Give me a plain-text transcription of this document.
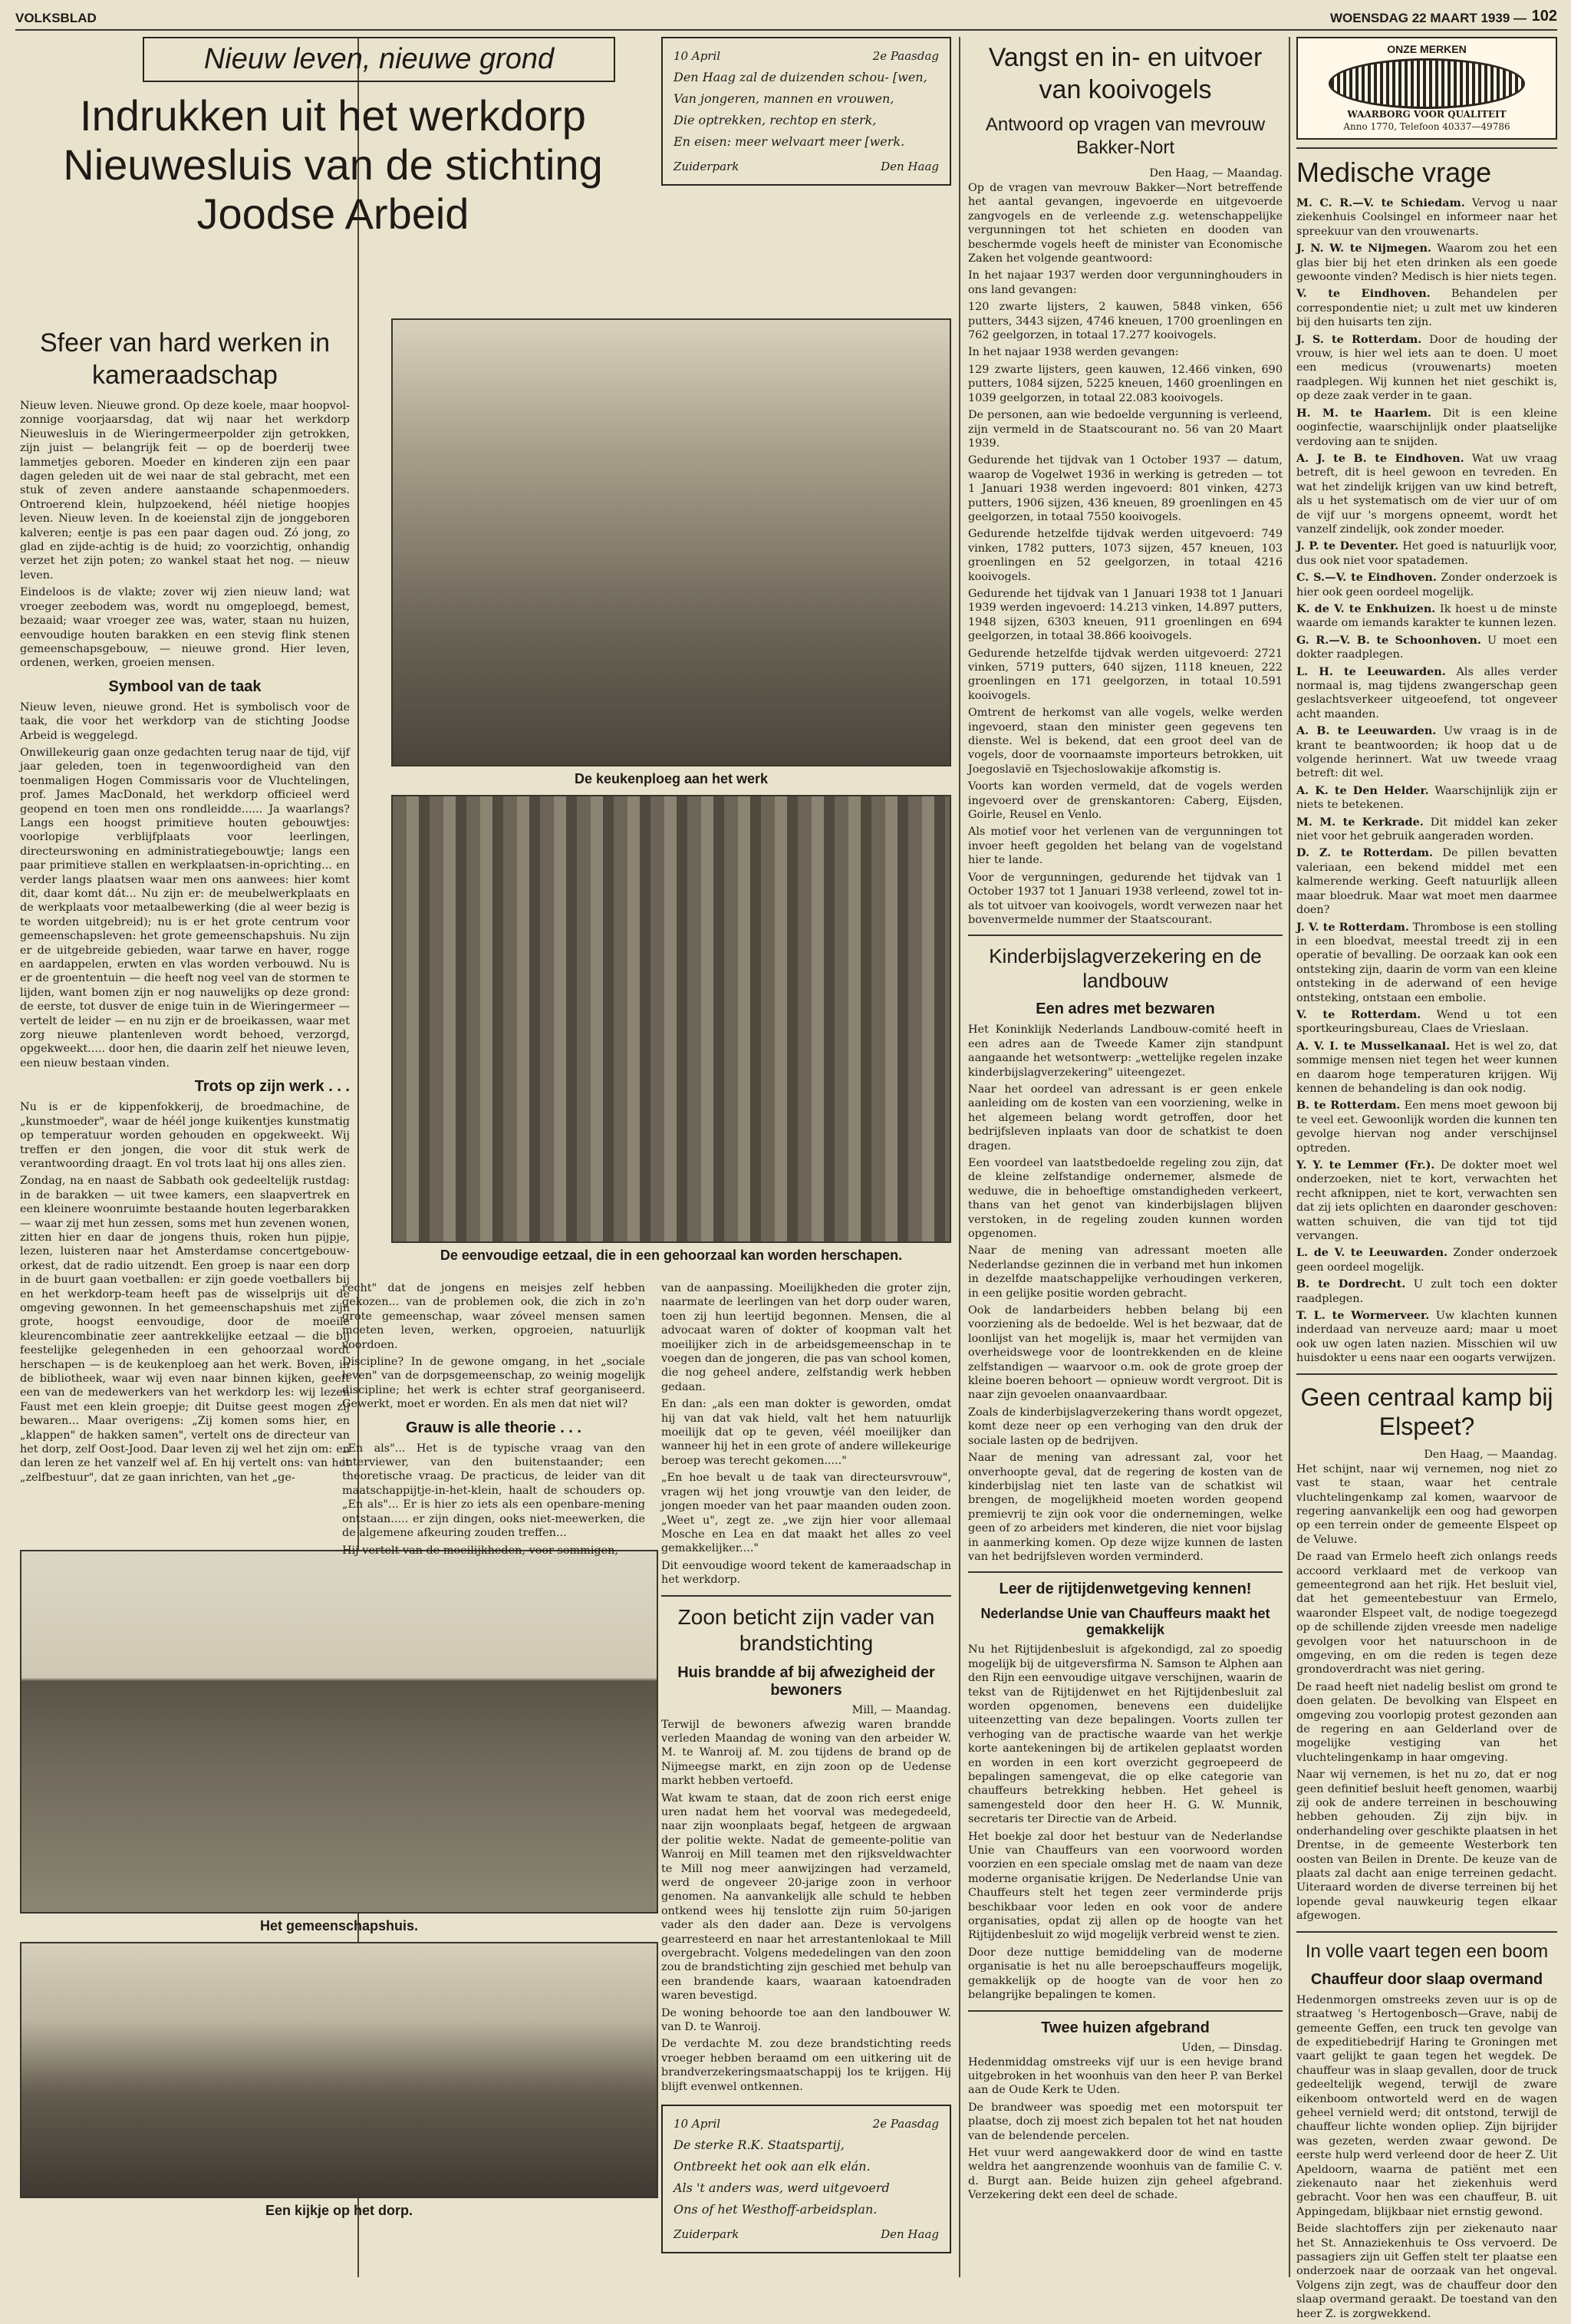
VOLKSBLAD	WOENSDAG 22 MAART 1939 — 102
Nieuw leven, nieuwe grond
Indrukken uit het werkdorp Nieuwesluis van de stichting Joodse Arbeid
Sfeer van hard werken in kameraadschap

Nieuw leven. Nieuwe grond. Op deze koele, maar hoopvol-zonnige voorjaarsdag, dat wij naar het werkdorp Nieuwesluis in de Wieringermeerpolder zijn getrokken, zijn juist — belangrijk feit — op de boerderij twee lammetjes geboren. Moeder en kinderen zijn een paar dagen geleden uit de wei naar de stal gebracht, met een stuk of zeven andere aanstaande schapenmoeders. Ontroerend klein, hulpzoekend, héél nietige hoopjes leven. Nieuw leven. In de koeienstal zijn de jonggeboren kalveren; eentje is pas een paar dagen oud. Zó jong, zo glad en zijde-achtig is de huid; zo voorzichtig, onhandig verzet het zijn poten; zo wankel staat het nog. — nieuw leven.

Eindeloos is de vlakte; zover wij zien nieuw land; wat vroeger zeebodem was, wordt nu omgeploegd, bemest, bezaaid; waar vroeger zee was, water, staan nu huizen, eenvoudige houten barakken en een stevig flink stenen gemeenschapsgebouw, — nieuwe grond. Hier leven, ordenen, werken, groeien mensen.

Symbool van de taak

Nieuw leven, nieuwe grond. Het is symbolisch voor de taak, die voor het werkdorp van de stichting Joodse Arbeid is weggelegd.

Onwillekeurig gaan onze gedachten terug naar de tijd, vijf jaar geleden, toen in tegenwoordigheid van den toenmaligen Hogen Commissaris voor de Vluchtelingen, prof. James MacDonald, het werkdorp officieel werd geopend en toen men ons rondleidde...... Ja waarlangs? Langs een hoogst primitieve houten gebouwtjes: voorlopige verblijfplaats voor leerlingen, directeurswoning en administratiegebouwtje; langs een paar primitieve stallen en werkplaatsen-in-oprichting... en verder langs plaatsen waar men ons aanwees: hier komt dit, daar komt dát... Nu zijn er: de meubelwerkplaats en de werkplaats voor metaalbewerking (die al weer bezig is te worden uitgebreid); nu is er het grote centrum voor gemeenschapsleven: het grote gemeenschapshuis. Nu zijn er de uitgebreide gebieden, waar tarwe en haver, rogge en aardappelen, erwten en vlas worden verbouwd. Nu is er de groententuin — die heeft nog veel van de stormen te lijden, want bomen zijn er nog nauwelijks op deze grond: de eerste, tot dusver de enige tuin in de Wieringermeer — vertelt de leider — en nu zijn er de broeikassen, waar met zorg nieuwe plantenleven wordt behoed, verzorgd, opgekweekt..... door hen, die daarin zelf het nieuwe leven, een nieuw bestaan vinden.

Trots op zijn werk . . .

Nu is er de kippenfokkerij, de broedmachine, de „kunstmoeder", waar de héél jonge kuikentjes kunstmatig op temperatuur worden gehouden en opgekweekt. Wij treffen er den jongen, die voor dit stuk werk de verantwoording draagt. En vol trots laat hij ons alles zien.

Zondag, na en naast de Sabbath ook gedeeltelijk rustdag: in de barakken — uit twee kamers, een slaapvertrek en een kleinere woonruimte bestaande houten legerbarakken — waar zij met hun zessen, soms met hun zevenen wonen, zitten hier en daar de jongens thuis, roken hun pijpje, lezen, luisteren naar het Amsterdamse concertgebouw-orkest, dat de radio uitzendt. Een groep is naar een dorp in de buurt gaan voetballen: er zijn goede voetballers bij en het werkdorp-team heeft pas de wisselprijs uit de omgeving gewonnen. In het gemeenschapshuis met zijn grote, hoogst eenvoudige, door de moeile kleurencombinatie zeer aantrekkelijke eetzaal — die bij feestelijke gelegenheden in een gehoorzaal wordt herschapen — is de keukenploeg aan het werk. Boven, in de bibliotheek, waar wij even naar binnen kijken, geeft een van de medewerkers van het werkdorp les: wij lezen Faust met een klein groepje; dit Duitse geest mogen zij bewaren... Maar overigens: „Zij komen soms hier, en „klappen" de hakken samen", vertelt ons de directeur van het dorp, zelf Oost-Jood. Daar leven zij wel het zijn om: en dan leren ze het vanzelf wel af. En hij vertelt ons: van het „zelfbestuur", dat ze gaan inrichten, van het „ge-

Het gemeenschapshuis.
Een kijkje op het dorp.
De keukenploeg aan het werk
De eenvoudige eetzaal, die in een gehoorzaal kan worden herschapen.

recht" dat de jongens en meisjes zelf hebben gekozen... van de problemen ook, die zich in zo'n grote gemeenschap, waar zóveel mensen samen moeten leven, werken, opgroeien, natuurlijk voordoen.

Discipline? In de gewone omgang, in het „sociale leven" van de dorpsgemeenschap, zo weinig mogelijk discipline; het werk is echter straf georganiseerd. Gewerkt, moet er worden. En als men dat niet wil?

Grauw is alle theorie . . .

„En als"... Het is de typische vraag van den interviewer, van den buitenstaander; een theoretische vraag. De practicus, de leider van dit maatschappijtje-in-het-klein, haalt de schouders op. „En als"... Er is hier zo iets als een openbare-mening ontstaan..... er zijn dingen, ooks niet-meewerken, die de algemene afkeuring zouden treffen...

Hij vertelt van de moeilijkheden, voor sommigen,

10 April	2e Paasdag

Den Haag zal de duizenden schou- [wen,

Van jongeren, mannen en vrouwen,

Die optrekken, rechtop en sterk,

En eisen: meer welvaart meer [werk.

Zuiderpark	Den Haag

van de aanpassing. Moeilijkheden die groter zijn, naarmate de leerlingen van het dorp ouder waren, toen zij hun leertijd begonnen. Mensen, die al advocaat waren of dokter of koopman valt het moeilijker zich in de arbeidsgemeenschap in te voegen dan de jongeren, die pas van school komen, die nog geheel andere, zelfstandig werk hebben gedaan.

En dan: „als een man dokter is geworden, omdat hij van dat vak hield, valt het hem natuurlijk moeilijk dat op te geven, véél moeilijker dan wanneer hij het in een grote of andere willekeurige beroep was terecht gekomen....."

„En hoe bevalt u de taak van directeursvrouw", vragen wij het jong vrouwtje van den leider, de jongen moeder van het paar maanden ouden zoon. „Weet u", zegt ze. „we zijn hier voor allemaal Mosche en Lea en dat maakt het alles zo veel gemakkelijker...."

Dit eenvoudige woord tekent de kameraadschap in het werkdorp.

Zoon beticht zijn vader van brandstichting
Huis brandde af bij afwezigheid der bewoners
Mill, — Maandag.

Terwijl de bewoners afwezig waren brandde verleden Maandag de woning van den arbeider W. M. te Wanroij af. M. zou tijdens de brand op de Nijmeegse markt, en zijn zoon op de Uedense markt hebben vertoefd.

Wat kwam te staan, dat de zoon rich eerst enige uren nadat hem het voorval was medegedeeld, naar zijn woonplaats begaf, hetgeen de argwaan der politie wekte. Nadat de gemeente-politie van Wanroij en Mill teamen met den rijksveldwachter te Mill nog meer aanwijzingen had verzameld, werd de ongeveer 20-jarige zoon in verhoor genomen. Na aanvankelijk alle schuld te hebben ontkend wees hij tenslotte zijn ruim 50-jarigen vader als den dader aan. Deze is vervolgens gearresteerd en naar het arrestantenlokaal te Mill overgebracht. Volgens mededelingen van den zoon zou de brandstichting zijn geschied met behulp van een brandende kaars, waaraan katoendraden waren bevestigd.

De woning behoorde toe aan den landbouwer W. van D. te Wanroij.

De verdachte M. zou deze brandstichting reeds vroeger hebben beraamd om een uitkering uit de brandverzekeringsmaatschappij los te krijgen. Hij blijft evenwel ontkennen.

10 April	2e Paasdag

De sterke R.K. Staatspartij,

Ontbreekt het ook aan elk elán.

Als 't anders was, werd uitgevoerd

Ons of het Westhoff-arbeidsplan.

Zuiderpark	Den Haag
Vangst en in- en uitvoer van kooivogels
Antwoord op vragen van mevrouw Bakker-Nort
Den Haag, — Maandag.

Op de vragen van mevrouw Bakker—Nort betreffende het aantal gevangen, ingevoerde en uitgevoerde zangvogels en de verleende z.g. wetenschappelijke vergunningen tot het schieten en dooden van beschermde vogels heeft de minister van Economische Zaken het volgende geantwoord:

In het najaar 1937 werden door vergunninghouders in ons land gevangen:

120 zwarte lijsters, 2 kauwen, 5848 vinken, 656 putters, 3443 sijzen, 4746 kneuen, 1700 groenlingen en 762 geelgorzen, in totaal 17.277 kooivogels.

In het najaar 1938 werden gevangen:

129 zwarte lijsters, geen kauwen, 12.466 vinken, 690 putters, 1084 sijzen, 5225 kneuen, 1460 groenlingen en 1039 geelgorzen, in totaal 22.083 kooivogels.

De personen, aan wie bedoelde vergunning is verleend, zijn vermeld in de Staatscourant no. 56 van 20 Maart 1939.

Gedurende het tijdvak van 1 October 1937 — datum, waarop de Vogelwet 1936 in werking is getreden — tot 1 Januari 1938 werden ingevoerd: 801 vinken, 4273 putters, 1906 sijzen, 436 kneuen, 89 groenlingen en 45 geelgorzen, in totaal 7550 kooivogels.

Gedurende hetzelfde tijdvak werden uitgevoerd: 749 vinken, 1782 putters, 1073 sijzen, 457 kneuen, 103 groenlingen en 52 geelgorzen, in totaal 4216 kooivogels.

Gedurende het tijdvak van 1 Januari 1938 tot 1 Januari 1939 werden ingevoerd: 14.213 vinken, 14.897 putters, 1948 sijzen, 6303 kneuen, 911 groenlingen en 694 geelgorzen, in totaal 38.866 kooivogels.

Gedurende hetzelfde tijdvak werden uitgevoerd: 2721 vinken, 5719 putters, 640 sijzen, 1118 kneuen, 222 groenlingen en 171 geelgorzen, in totaal 10.591 kooivogels.

Omtrent de herkomst van alle vogels, welke werden ingevoerd, staan den minister geen gegevens ten dienste. Wel is bekend, dat een groot deel van de vogels, door de voornaamste importeurs betrokken, uit Joegoslavië en Tsjechoslowakije afkomstig is.

Voorts kan worden vermeld, dat de vogels werden ingevoerd over de grenskantoren: Caberg, Eijsden, Goirle, Reusel en Venlo.

Als motief voor het verlenen van de vergunningen tot invoer heeft gegolden het belang van de vogelstand hier te lande.

Voor de vergunningen, gedurende het tijdvak van 1 October 1937 tot 1 Januari 1938 verleend, zowel tot in- als tot uitvoer van kooivogels, wordt verwezen naar het bovenvermelde nummer der Staatscourant.

Kinderbijslagverzekering en de landbouw
Een adres met bezwaren

Het Koninklijk Nederlands Landbouw-comité heeft in een adres aan de Tweede Kamer zijn standpunt aangaande het wetsontwerp: „wettelijke regelen inzake kinderbijslagverzekering" uiteengezet.

Naar het oordeel van adressant is er geen enkele aanleiding om de kosten van een voorziening, welke in het algemeen belang wordt getroffen, door het bedrijfsleven inplaats van door de schatkist te doen dragen.

Een voordeel van laatstbedoelde regeling zou zijn, dat de kleine zelfstandige ondernemer, alsmede de weduwe, die in behoeftige omstandigheden verkeert, thans van het genot van kinderbijslagen blijven verstoken, in de regeling zouden kunnen worden opgenomen.

Naar de mening van adressant moeten alle Nederlandse gezinnen die in verband met hun inkomen in dezelfde maatschappelijke verhoudingen verkeren, in een gelijke positie worden gebracht.

Ook de landarbeiders hebben belang bij een voorziening als de bedoelde. Wel is het bezwaar, dat de loonlijst van het mogelijk is, maar het vermijden van overheidswege voor de loontrekkenden en de kleine zelfstandigen — waarvoor o.m. ook de grote groep der kleine boeren behoort — opnieuw wordt vergroot. Dit is naar zijn gevoelen onaanvaardbaar.

Zoals de kinderbijslagverzekering thans wordt opgezet, komt deze neer op een verhoging van den druk der sociale lasten op de bedrijven.

Naar de mening van adressant zal, voor het onverhoopte geval, dat de regering de kosten van de kinderbijslag niet ten laste van de schatkist wil brengen, de mogelijkheid moeten worden geopend premievrij te zijn ook voor die ondernemingen, welke geen of zo arbeiders met kinderen, die niet voor bijslag in aanmerking komen. Op deze wijze kunnen de lasten van het bedrijfsleven worden verminderd.

Leer de rijtijdenwetgeving kennen!
Nederlandse Unie van Chauffeurs maakt het gemakkelijk

Nu het Rijtijdenbesluit is afgekondigd, zal zo spoedig mogelijk bij de uitgeversfirma N. Samson te Alphen aan den Rijn een eenvoudige uitgave verschijnen, waarin de tekst van de Rijtijdenwet en het Rijtijdenbesluit zal worden opgenomen, benevens een duidelijke uiteenzetting van deze bepalingen. Voorts zullen ter verhoging van de practische waarde van het werkje korte aantekeningen bij de artikelen geplaatst worden en worden in een kort overzicht gegroepeerd de bepalingen samengevat, die op elke categorie van chauffeurs betrekking hebben. Het geheel is samengesteld door den heer H. G. W. Munnik, secretaris ter Directie van de Arbeid.

Het boekje zal door het bestuur van de Nederlandse Unie van Chauffeurs van een voorwoord worden voorzien en een speciale omslag met de naam van deze moderne organisatie krijgen. De Nederlandse Unie van Chauffeurs stelt het tegen zeer verminderde prijs beschikbaar voor leden en ook voor de andere organisaties, opdat zij allen op de hoogte van het Rijtijdenbesluit zo wijd mogelijk verbreid wenst te zien.

Door deze nuttige bemiddeling van de moderne organisatie is het nu alle beroepschauffeurs mogelijk, gemakkelijk op de hoogte van de voor hen zo belangrijke bepalingen te komen.

Twee huizen afgebrand
Uden, — Dinsdag.

Hedenmiddag omstreeks vijf uur is een hevige brand uitgebroken in het woonhuis van den heer P. van Berkel aan de Oude Kerk te Uden.

De brandweer was spoedig met een motorspuit ter plaatse, doch zij moest zich bepalen tot het nat houden van de belendende percelen.

Het vuur werd aangewakkerd door de wind en tastte weldra het aangrenzende woonhuis van de familie C. v. d. Burgt aan. Beide huizen zijn geheel afgebrand. Verzekering dekt een deel de schade.

ONZE MERKEN
WAARBORG VOOR QUALITEIT
Anno 1770, Telefoon 40337—49786
Medische vrage

M. C. R.—V. te Schiedam. Vervog u naar ziekenhuis Coolsingel en informeer naar het spreekuur van den vrouwenarts.

J. N. W. te Nijmegen. Waarom zou het een glas bier bij het eten drinken als een goede gewoonte vinden? Medisch is hier niets tegen.

V. te Eindhoven. Behandelen per correspondentie niet; u zult met uw kinderen bij den huisarts ten zijn.

J. S. te Rotterdam. Door de houding der vrouw, is hier wel iets aan te doen. U moet een medicus (vrouwenarts) moeten raadplegen. Wij kunnen het niet geschikt is, op deze zaak verder in te gaan.

H. M. te Haarlem. Dit is een kleine ooginfectie, waarschijnlijk onder plaatselijke verdoving aan te snijden.

A. J. te B. te Eindhoven. Wat uw vraag betreft, dit is heel gewoon en tevreden. En wat het zindelijk krijgen van uw kind betreft, als u het systematisch om de vier uur of om de vijf uur 's morgens opneemt, wordt het vanzelf zindelijk, ook zonder moeder.

J. P. te Deventer. Het goed is natuurlijk voor, dus ook niet voor spatademen.

C. S.—V. te Eindhoven. Zonder onderzoek is hier ook geen oordeel mogelijk.

K. de V. te Enkhuizen. Ik hoest u de minste waarde om iemands karakter te kunnen lezen.

G. R.—V. B. te Schoonhoven. U moet een dokter raadplegen.

L. H. te Leeuwarden. Als alles verder normaal is, mag tijdens zwangerschap geen geslachtsverkeer uitgeoefend, tot ongeveer acht maanden.

A. B. te Leeuwarden. Uw vraag is in de krant te beantwoorden; ik hoop dat u de volgende herinnert. Wat uw tweede vraag betreft: dit wel.

A. K. te Den Helder. Waarschijnlijk zijn er niets te betekenen.

M. M. te Kerkrade. Dit middel kan zeker niet voor het gebruik aangeraden worden.

D. Z. te Rotterdam. De pillen bevatten valeriaan, een bekend middel met een kalmerende werking. Geeft natuurlijk alleen maar bloedruk. Maar wat moet men daarmee doen?

J. V. te Rotterdam. Thrombose is een stolling in een bloedvat, meestal treedt zij in een operatie of bevalling. De oorzaak kan ook een ontsteking zijn, daarin de vorm van een kleine ontsteking in de aderwand of een hevige ontsteking, ontstaan een embolie.

V. te Rotterdam. Wend u tot een sportkeuringsbureau, Claes de Vrieslaan.

A. V. I. te Musselkanaal. Het is wel zo, dat sommige mensen niet tegen het weer kunnen en daarom hoge temperaturen krijgen. Wij kennen de behandeling is dan ook nodig.

B. te Rotterdam. Een mens moet gewoon bij te veel eet. Gewoonlijk worden die kunnen ten gevolge hiervan nog ander verschijnsel optreden.

Y. Y. te Lemmer (Fr.). De dokter moet wel onderzoeken, niet te kort, verwachten het recht afknippen, niet te kort, verwachten sen dat zij iets oplichten en daaronder geschoven: watten schuiven, die van tijd tot tijd vervangen.

L. de V. te Leeuwarden. Zonder onderzoek geen oordeel mogelijk.

B. te Dordrecht. U zult toch een dokter raadplegen.

T. L. te Wormerveer. Uw klachten kunnen inderdaad van nerveuze aard; maar u moet ook uw ogen laten nazien. Misschien wil uw huisdokter u eens naar een oogarts verwijzen.

Geen centraal kamp bij Elspeet?
Den Haag, — Maandag.

Het schijnt, naar wij vernemen, nog niet zo vast te staan, waar het centrale vluchtelingenkamp zal komen, waarvoor de regering aanvankelijk een oog had geworpen op een terrein onder de gemeente Elspeet op de Veluwe.

De raad van Ermelo heeft zich onlangs reeds accoord verklaard met de verkoop van gemeentegrond aan het rijk. Het besluit viel, dat het gemeentebestuur van Ermelo, waaronder Elspeet valt, de nodige toegezegd op de schillende zijden vreesde men nadelige gevolgen voor het natuurschoon in de omgeving, en om die reden is tegen deze grondoverdracht was niet gering.

De raad heeft niet nadelig beslist om grond te doen gelaten. De bevolking van Elspeet en omgeving zou voorlopig protest gezonden aan de regering en aan Gelderland over de mogelijke vestiging van het vluchtelingenkamp in haar omgeving.

Naar wij vernemen, is het nu zo, dat er nog geen definitief besluit heeft genomen, waarbij zij ook de andere terreinen in beschouwing hebben gehouden. Zij zijn bijv. in onderhandeling over geschikte plaatsen in het Drentse, in de gemeente Westerbork ten oosten van Beilen in Drente. De keuze van de plaats zal dacht aan enige terreinen gedacht. Uiteraard worden de diverse terreinen bij het lopende geval nauwkeurig tegen elkaar afgewogen.

In volle vaart tegen een boom
Chauffeur door slaap overmand

Hedenmorgen omstreeks zeven uur is op de straatweg 's Hertogenbosch—Grave, nabij de gemeente Geffen, een truck ten gevolge van de expeditiebedrijf Haring te Groningen met vaart gelijkt te gaan tegen het wegdek. De chauffeur was in slaap gevallen, door de truck gedeeltelijk wegend, terwijl de zware eikenboom ontworteld werd en de wagen geheel vernield werd; dit ontstond, terwijl de chauffeur lichte wonden opliep. Zijn bijrijder was gezeten, werden zwaar gewond. De eerste hulp werd verleend door de heer Z. Uit Apeldoorn, waarna de patiënt met een ziekenauto naar het ziekenhuis werd gebracht. Voor hen was een chauffeur, B. uit Appingedam, blijkbaar niet ernstig gewond.

Beide slachtoffers zijn per ziekenauto naar het St. Annaziekenhuis te Oss vervoerd. De passagiers zijn uit Geffen stelt ter plaatse een onderzoek naar de oorzaak van het ongeval. Volgens zijn zegt, was de chauffeur door den slaap overmand geraakt. De toestand van den heer Z. is zorgwekkend.
